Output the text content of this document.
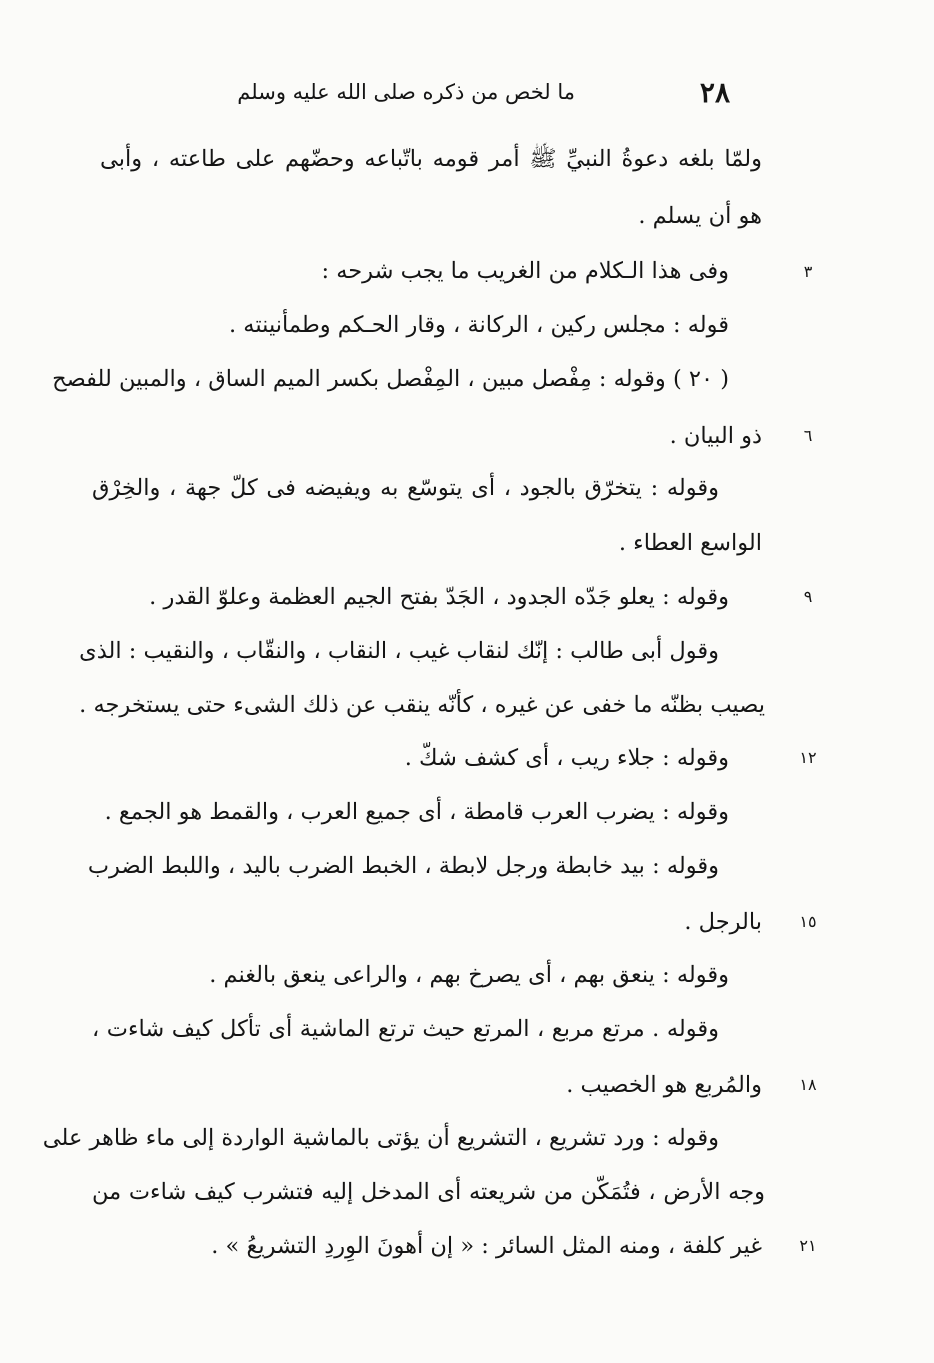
٢٨
ما لخص من ذكره صلى الله عليه وسلم
ولمّا بلغه دعوةُ النبيِّ ﷺ أمر قومه باتّباعه وحضّهم على طاعته ، وأبى
هو أن يسلم .
وفى هذا الـكلام من الغريب ما يجب شرحه :
قوله : مجلس ركين ، الركانة ، وقار الحـكم وطمأنينته .
( ٢٠ ) وقوله : مِفْصل مبين ، المِفْصل بكسر الميم الساق ، والمبين للفصح
ذو البيان .
وقوله : يتخرّق بالجود ، أى يتوسّع به ويفيضه فى كلّ جهة ، والخِرْق
الواسع العطاء .
وقوله : يعلو جَدّه الجدود ، الجَدّ بفتح الجيم العظمة وعلوّ القدر .
وقول أبى طالب : إنّك لنقاب غيب ، النقاب ، والنقّاب ، والنقيب : الذى
يصيب بظنّه ما خفى عن غيره ، كأنّه ينقب عن ذلك الشىء حتى يستخرجه .
وقوله : جلاء ريب ، أى كشف شكّ .
وقوله : يضرب العرب قامطة ، أى جميع العرب ، والقمط هو الجمع .
وقوله : بيد خابطة ورجل لابطة ، الخبط الضرب باليد ، واللبط الضرب
بالرجل .
وقوله : ينعق بهم ، أى يصرخ بهم ، والراعى ينعق بالغنم .
وقوله . مرتع مربع ، المرتع حيث ترتع الماشية أى تأكل كيف شاءت ،
والمُربع هو الخصيب .
وقوله : ورد تشريع ، التشريع أن يؤتى بالماشية الواردة إلى ماء ظاهر على
وجه الأرض ، فتُمَكّن من شريعته أى المدخل إليه فتشرب كيف شاءت من
غير كلفة ، ومنه المثل السائر : « إن أهونَ الوِردِ التشريعُ » .
٣
٦
٩
١٢
١٥
١٨
٢١
